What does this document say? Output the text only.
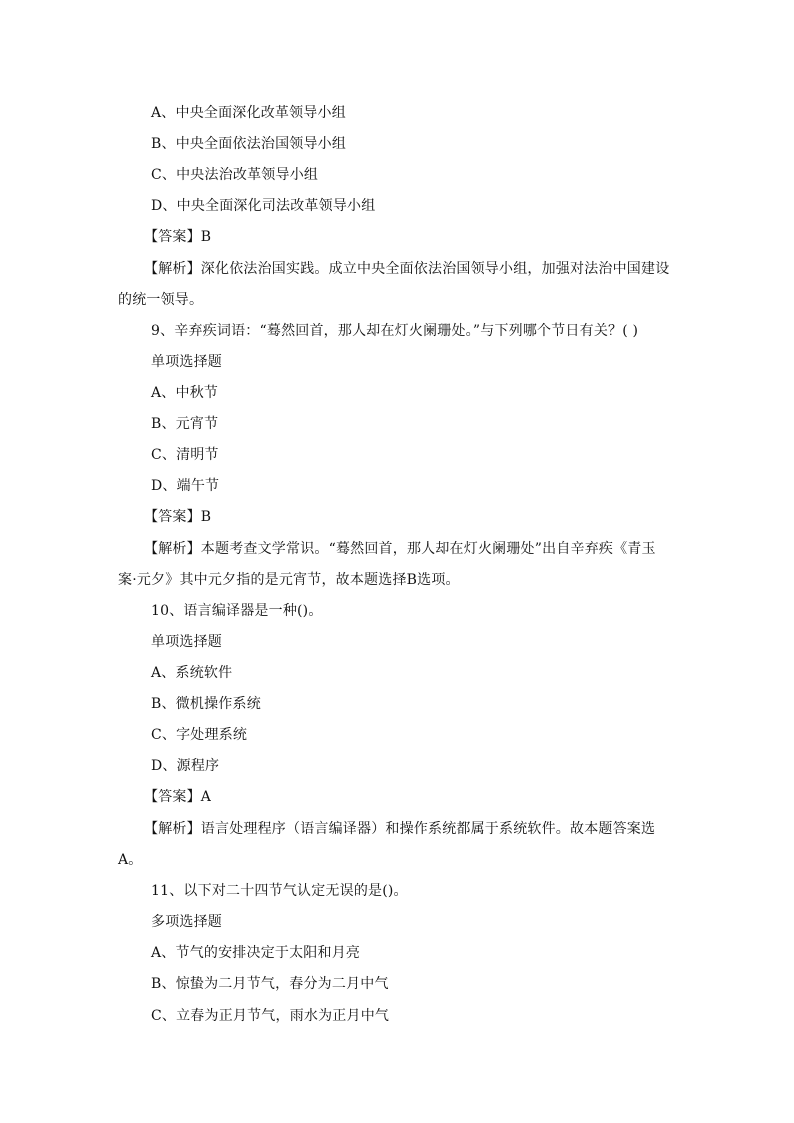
A、中央全面深化改革领导小组
B、中央全面依法治国领导小组
C、中央法治改革领导小组
D、中央全面深化司法改革领导小组
【答案】B
【解析】深化依法治国实践。成立中央全面依法治国领导小组，加强对法治中国建设
的统一领导。
9、辛弃疾词语：“蓦然回首，那人却在灯火阑珊处。”与下列哪个节日有关？( )
单项选择题
A、中秋节
B、元宵节
C、清明节
D、端午节
【答案】B
【解析】本题考查文学常识。“蓦然回首，那人却在灯火阑珊处”出自辛弃疾《青玉
案·元夕》其中元夕指的是元宵节，故本题选择B选项。
10、语言编译器是一种()。
单项选择题
A、系统软件
B、微机操作系统
C、字处理系统
D、源程序
【答案】A
【解析】语言处理程序（语言编译器）和操作系统都属于系统软件。故本题答案选
A。
11、以下对二十四节气认定无误的是()。
多项选择题
A、节气的安排决定于太阳和月亮
B、惊蛰为二月节气，春分为二月中气
C、立春为正月节气，雨水为正月中气
